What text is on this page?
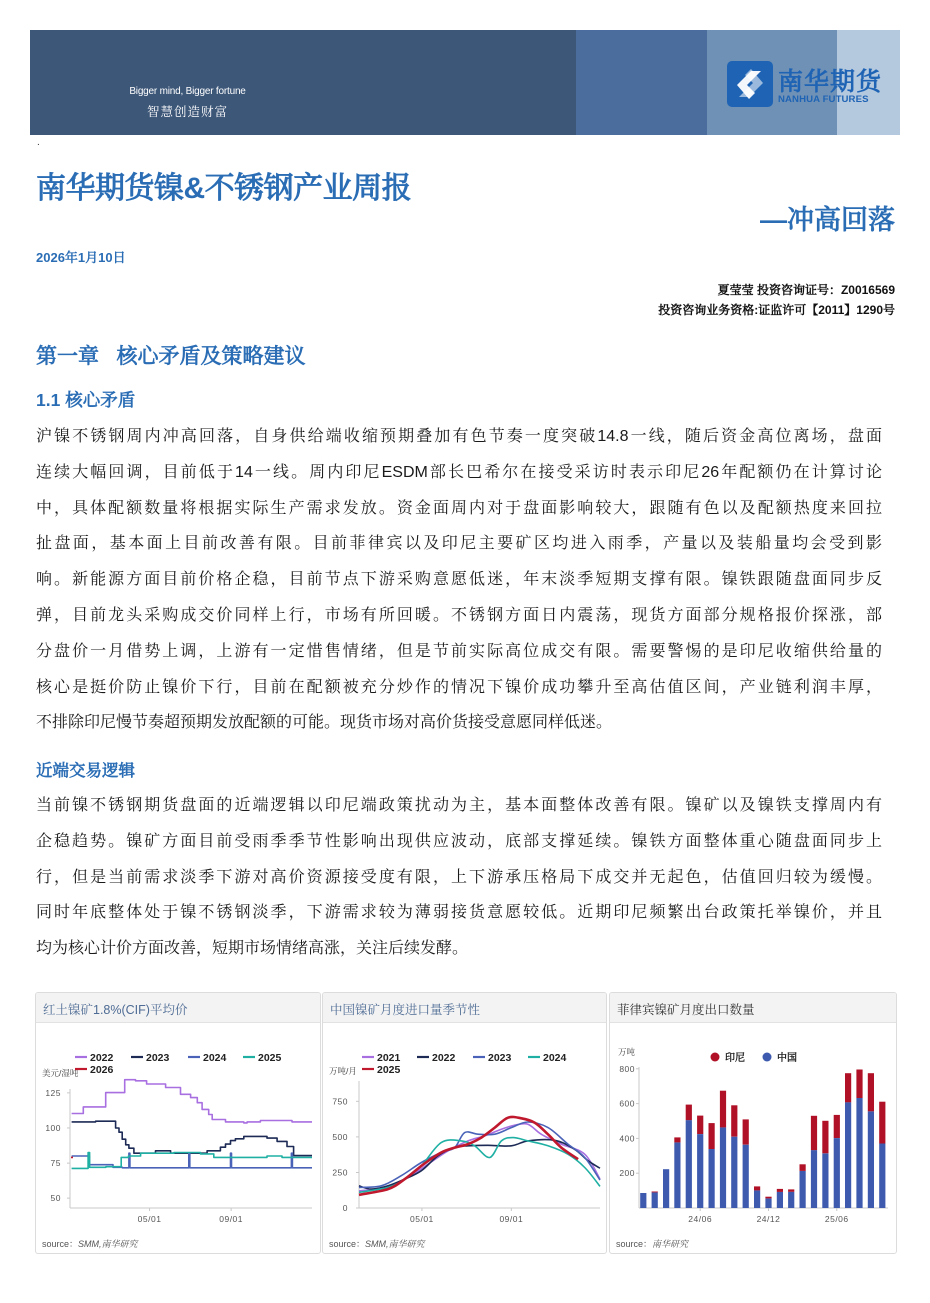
Bigger mind, Bigger fortune
智慧创造财富
南华期货
NANHUA FUTURES
.
南华期货镍&不锈钢产业周报
—冲高回落
2026年1月10日
夏莹莹 投资咨询证号：Z0016569
投资咨询业务资格:证监许可【2011】1290号
第一章   核心矛盾及策略建议
1.1 核心矛盾
沪镍不锈钢周内冲高回落，自身供给端收缩预期叠加有色节奏一度突破14.8一线，随后资金高位离场，盘面
连续大幅回调，目前低于14一线。周内印尼ESDM部长巴希尔在接受采访时表示印尼26年配额仍在计算讨论
中，具体配额数量将根据实际生产需求发放。资金面周内对于盘面影响较大，跟随有色以及配额热度来回拉
扯盘面，基本面上目前改善有限。目前菲律宾以及印尼主要矿区均进入雨季，产量以及装船量均会受到影
响。新能源方面目前价格企稳，目前节点下游采购意愿低迷，年末淡季短期支撑有限。镍铁跟随盘面同步反
弹，目前龙头采购成交价同样上行，市场有所回暖。不锈钢方面日内震荡，现货方面部分规格报价探涨，部
分盘价一月借势上调，上游有一定惜售情绪，但是节前实际高位成交有限。需要警惕的是印尼收缩供给量的
核心是挺价防止镍价下行，目前在配额被充分炒作的情况下镍价成功攀升至高估值区间，产业链利润丰厚，
不排除印尼慢节奏超预期发放配额的可能。现货市场对高价货接受意愿同样低迷。
近端交易逻辑
当前镍不锈钢期货盘面的近端逻辑以印尼端政策扰动为主，基本面整体改善有限。镍矿以及镍铁支撑周内有
企稳趋势。镍矿方面目前受雨季季节性影响出现供应波动，底部支撑延续。镍铁方面整体重心随盘面同步上
行，但是当前需求淡季下游对高价资源接受度有限，上下游承压格局下成交并无起色，估值回归较为缓慢。
同时年底整体处于镍不锈钢淡季，下游需求较为薄弱接货意愿较低。近期印尼频繁出台政策托举镍价，并且
均为核心计价方面改善，短期市场情绪高涨，关注后续发酵。
红土镍矿1.8%(CIF)平均价
美元/湿吨
50
75
100
125
05/01	09/01
2022	2023	2024	2025
2026
source：SMM,南华研究
中国镍矿月度进口量季节性
万吨/月
0
250
500
750
05/01	09/01
2021	2022	2023	2024
2025
source：SMM,南华研究
菲律宾镍矿月度出口数量
万吨
200
400
600
800
24/06	24/12	25/06
印尼	中国
source：南华研究
